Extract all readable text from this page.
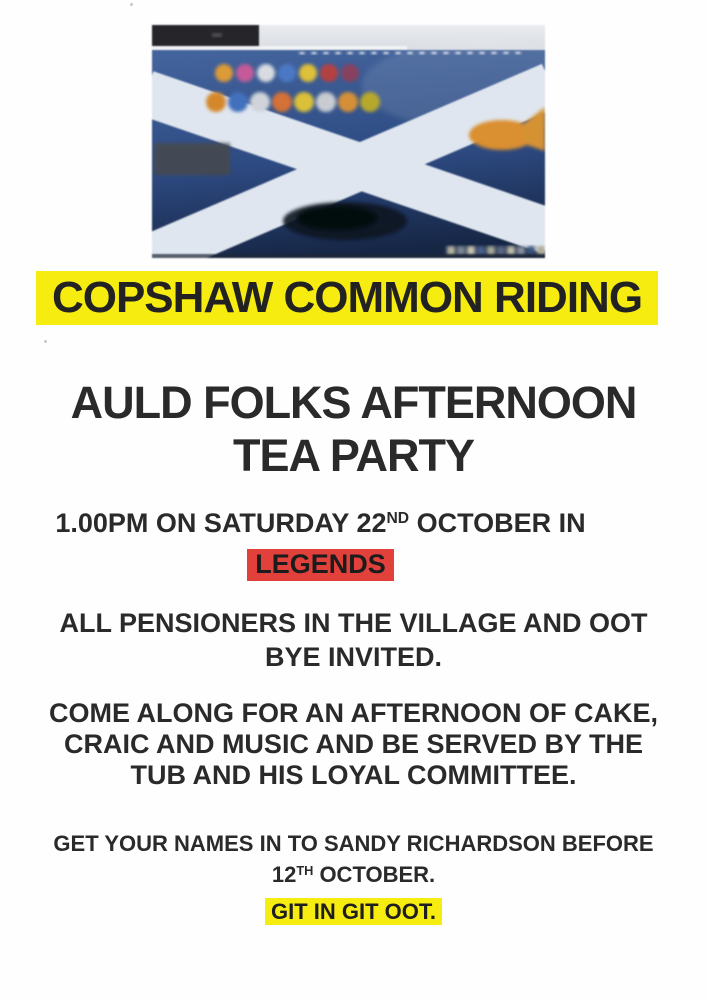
COPSHAW COMMON RIDING
AULD FOLKS AFTERNOON
TEA PARTY
1.00PM ON SATURDAY 22ND OCTOBER IN
LEGENDS
ALL PENSIONERS IN THE VILLAGE AND OOT
BYE INVITED.
COME ALONG FOR AN AFTERNOON OF CAKE,
CRAIC AND MUSIC AND BE SERVED BY THE
TUB AND HIS LOYAL COMMITTEE.
GET YOUR NAMES IN TO SANDY RICHARDSON BEFORE
12TH OCTOBER.
GIT IN GIT OOT.
